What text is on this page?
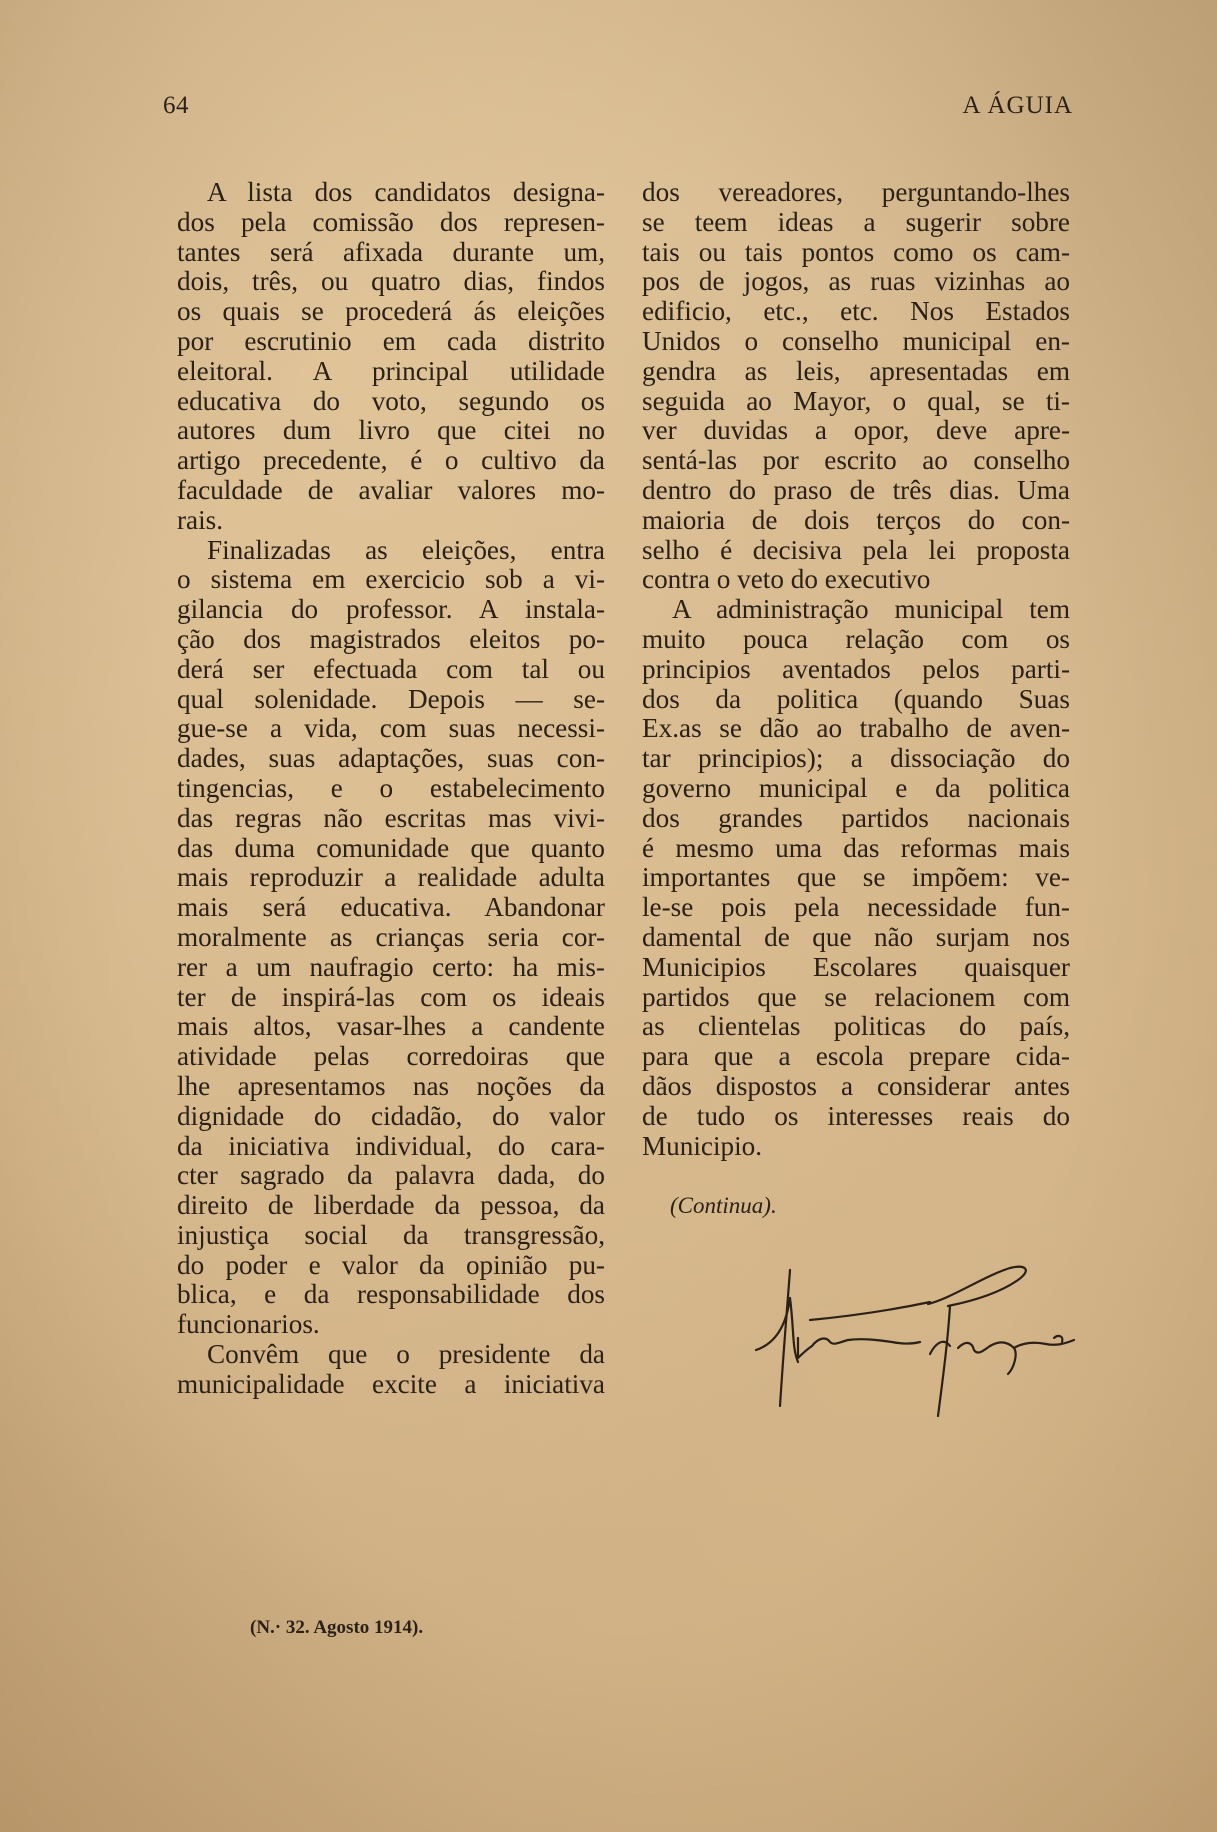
64	A ÁGUIA
A lista dos candidatos designa-
dos pela comissão dos represen-
tantes será afixada durante um,
dois, três, ou quatro dias, findos
os quais se procederá ás eleições
por escrutinio em cada distrito
eleitoral. A principal utilidade
educativa do voto, segundo os
autores dum livro que citei no
artigo precedente, é o cultivo da
faculdade de avaliar valores mo-
rais.
Finalizadas as eleições, entra
o sistema em exercicio sob a vi-
gilancia do professor. A instala-
ção dos magistrados eleitos po-
derá ser efectuada com tal ou
qual solenidade. Depois — se-
gue-se a vida, com suas necessi-
dades, suas adaptações, suas con-
tingencias, e o estabelecimento
das regras não escritas mas vivi-
das duma comunidade que quanto
mais reproduzir a realidade adulta
mais será educativa. Abandonar
moralmente as crianças seria cor-
rer a um naufragio certo: ha mis-
ter de inspirá-las com os ideais
mais altos, vasar-lhes a candente
atividade pelas corredoiras que
lhe apresentamos nas noções da
dignidade do cidadão, do valor
da iniciativa individual, do cara-
cter sagrado da palavra dada, do
direito de liberdade da pessoa, da
injustiça social da transgressão,
do poder e valor da opinião pu-
blica, e da responsabilidade dos
funcionarios.
Convêm que o presidente da
municipalidade excite a iniciativa
dos vereadores, perguntando-lhes
se teem ideas a sugerir sobre
tais ou tais pontos como os cam-
pos de jogos, as ruas vizinhas ao
edificio, etc., etc. Nos Estados
Unidos o conselho municipal en-
gendra as leis, apresentadas em
seguida ao Mayor, o qual, se ti-
ver duvidas a opor, deve apre-
sentá-las por escrito ao conselho
dentro do praso de três dias. Uma
maioria de dois terços do con-
selho é decisiva pela lei proposta
contra o veto do executivo
A administração municipal tem
muito pouca relação com os
principios aventados pelos parti-
dos da politica (quando Suas
Ex.as se dão ao trabalho de aven-
tar principios); a dissociação do
governo municipal e da politica
dos grandes partidos nacionais
é mesmo uma das reformas mais
importantes que se impõem: ve-
le-se pois pela necessidade fun-
damental de que não surjam nos
Municipios Escolares quaisquer
partidos que se relacionem com
as clientelas politicas do país,
para que a escola prepare cida-
dãos dispostos a considerar antes
de tudo os interesses reais do
Municipio.
(Continua).
(N.· 32. Agosto 1914).
